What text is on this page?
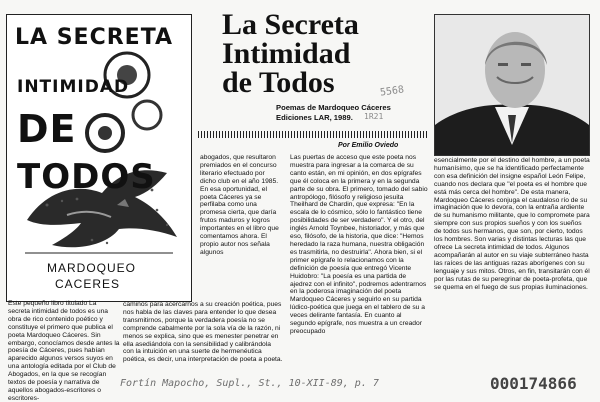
LA SECRETA
INTIMIDAD
DE
TODOS
MARDOQUEO
CACERES
La Secreta
Intimidad
de Todos	5568
Poemas de Mardoqueo Cáceres
Ediciones LAR, 1989.	1R21
Por Emilio Oviedo
abogados, que resultaron premiados en el concurso literario efectuado por dicho club en el año 1985. En esa oportunidad, el poeta Cáceres ya se perfilaba como una promesa cierta, que daría frutos maduros y logros importantes en el libro que comentamos ahora. El propio autor nos señala algunos
Las puertas de acceso que este poeta nos muestra para ingresar a la comarca de su canto están, en mi opinión, en dos epígrafes que él coloca en la primera y en la segunda parte de su obra. El primero, tomado del sabio antropólogo, filósofo y religioso jesuita Theilhard de Chardin, que expresa: "En la escala de lo cósmico, sólo lo fantástico tiene posibilidades de ser verdadero". Y el otro, del inglés Arnold Toynbee, historiador, y más que eso, filósofo, de la historia, que dice: "Hemos heredado la raza humana, nuestra obligación es trasmitirla, no destruirla". Ahora bien, si el primer epígrafe lo relacionamos con la definición de poesía que entregó Vicente Huidobro: "La poesía es una partida de ajedrez con el infinito", podremos adentrarnos en la poderosa imaginación del poeta Mardoqueo Cáceres y seguirlo en su partida lúdico-poética que juega en el tablero de su a veces delirante fantasía. En cuanto al segundo epígrafe, nos muestra a un creador preocupado
esencialmente por el destino del hombre, a un poeta humanísimo, que se ha identificado perfectamente con esa definición del insigne español León Felipe, cuando nos declara que "el poeta es el hombre que está más cerca del hombre". De esta manera, Mardoqueo Cáceres conjuga el caudaloso río de su imaginación que lo devora, con la entraña ardiente de su humanismo militante, que lo compromete para siempre con sus propios sueños y con los sueños de todos sus hermanos, que son, por cierto, todos los hombres. Son varias y distintas lecturas las que ofrece La secreta intimidad de todos. Algunos acompañarán al autor en su viaje subterráneo hasta las raíces de las antiguas razas aborígenes con su lenguaje y sus mitos. Otros, en fin, transitarán con él por las rutas de su peregrinar de poeta-profeta, que se quema en el fuego de sus propias iluminaciones.
Este pequeño libro titulado La secreta intimidad de todos es una obra de rico contenido poético y constituye el primero que publica el poeta Mardoqueo Cáceres. Sin embargo, conocíamos desde antes la poesía de Cáceres, pues habían aparecido algunos versos suyos en una antología editada por el Club de Abogados, en la que se recogían textos de poesía y narrativa de aquellos abogados-escritores o escritores-
caminos para acercarnos a su creación poética, pues nos habla de las claves para entender lo que desea transmitirnos, porque la verdadera poesía no se comprende cabalmente por la sola vía de la razón, ni menos se explica, sino que es menester penetrar en ella asediándola con la sensibilidad y calibrándola con la intuición en una suerte de hermenéutica poética, es decir, una interpretación de poeta a poeta.
Fortín Mapocho, Supl., St., 10-XII-89, p. 7	000174866
